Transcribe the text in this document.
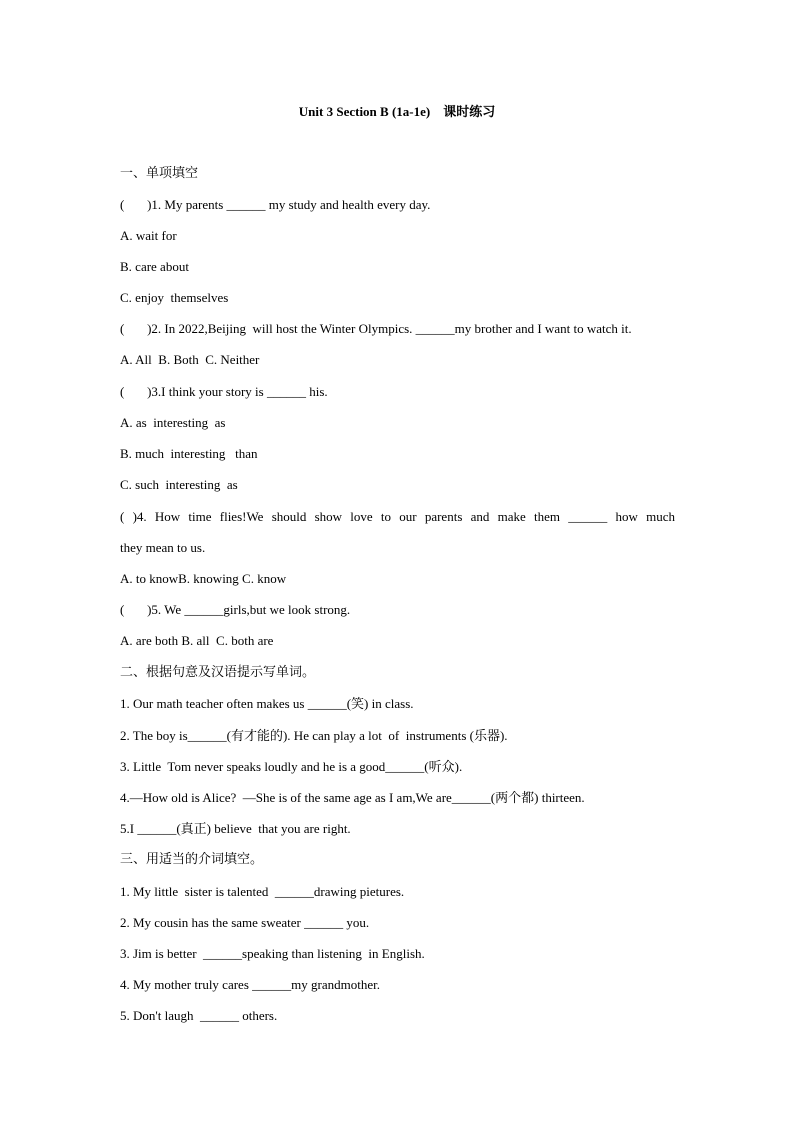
Unit 3 Section B (1a-1e)    课时练习
一、单项填空
(       )1. My parents ______ my study and health every day.
A. wait for
B. care about
C. enjoy  themselves
(       )2. In 2022,Beijing  will host the Winter Olympics. ______my brother and I want to watch it.
A. All  B. Both  C. Neither
(       )3.I think your story is ______ his.
A. as  interesting  as
B. much  interesting   than
C. such  interesting  as
( )4. How time flies!We should show love to our parents and make them ______ how much
they mean to us.
A. to knowB. knowing C. know
(       )5. We ______girls,but we look strong.
A. are both B. all  C. both are
二、根据句意及汉语提示写单词。
1. Our math teacher often makes us ______(笑) in class.
2. The boy is______(有才能的). He can play a lot  of  instruments (乐器).
3. Little  Tom never speaks loudly and he is a good______(听众).
4.—How old is Alice?  —She is of the same age as I am,We are______(两个都) thirteen.
5.I ______(真正) believe  that you are right.
三、用适当的介词填空。
1. My little  sister is talented  ______drawing pietures.
2. My cousin has the same sweater ______ you.
3. Jim is better  ______speaking than listening  in English.
4. My mother truly cares ______my grandmother.
5. Don't laugh  ______ others.
